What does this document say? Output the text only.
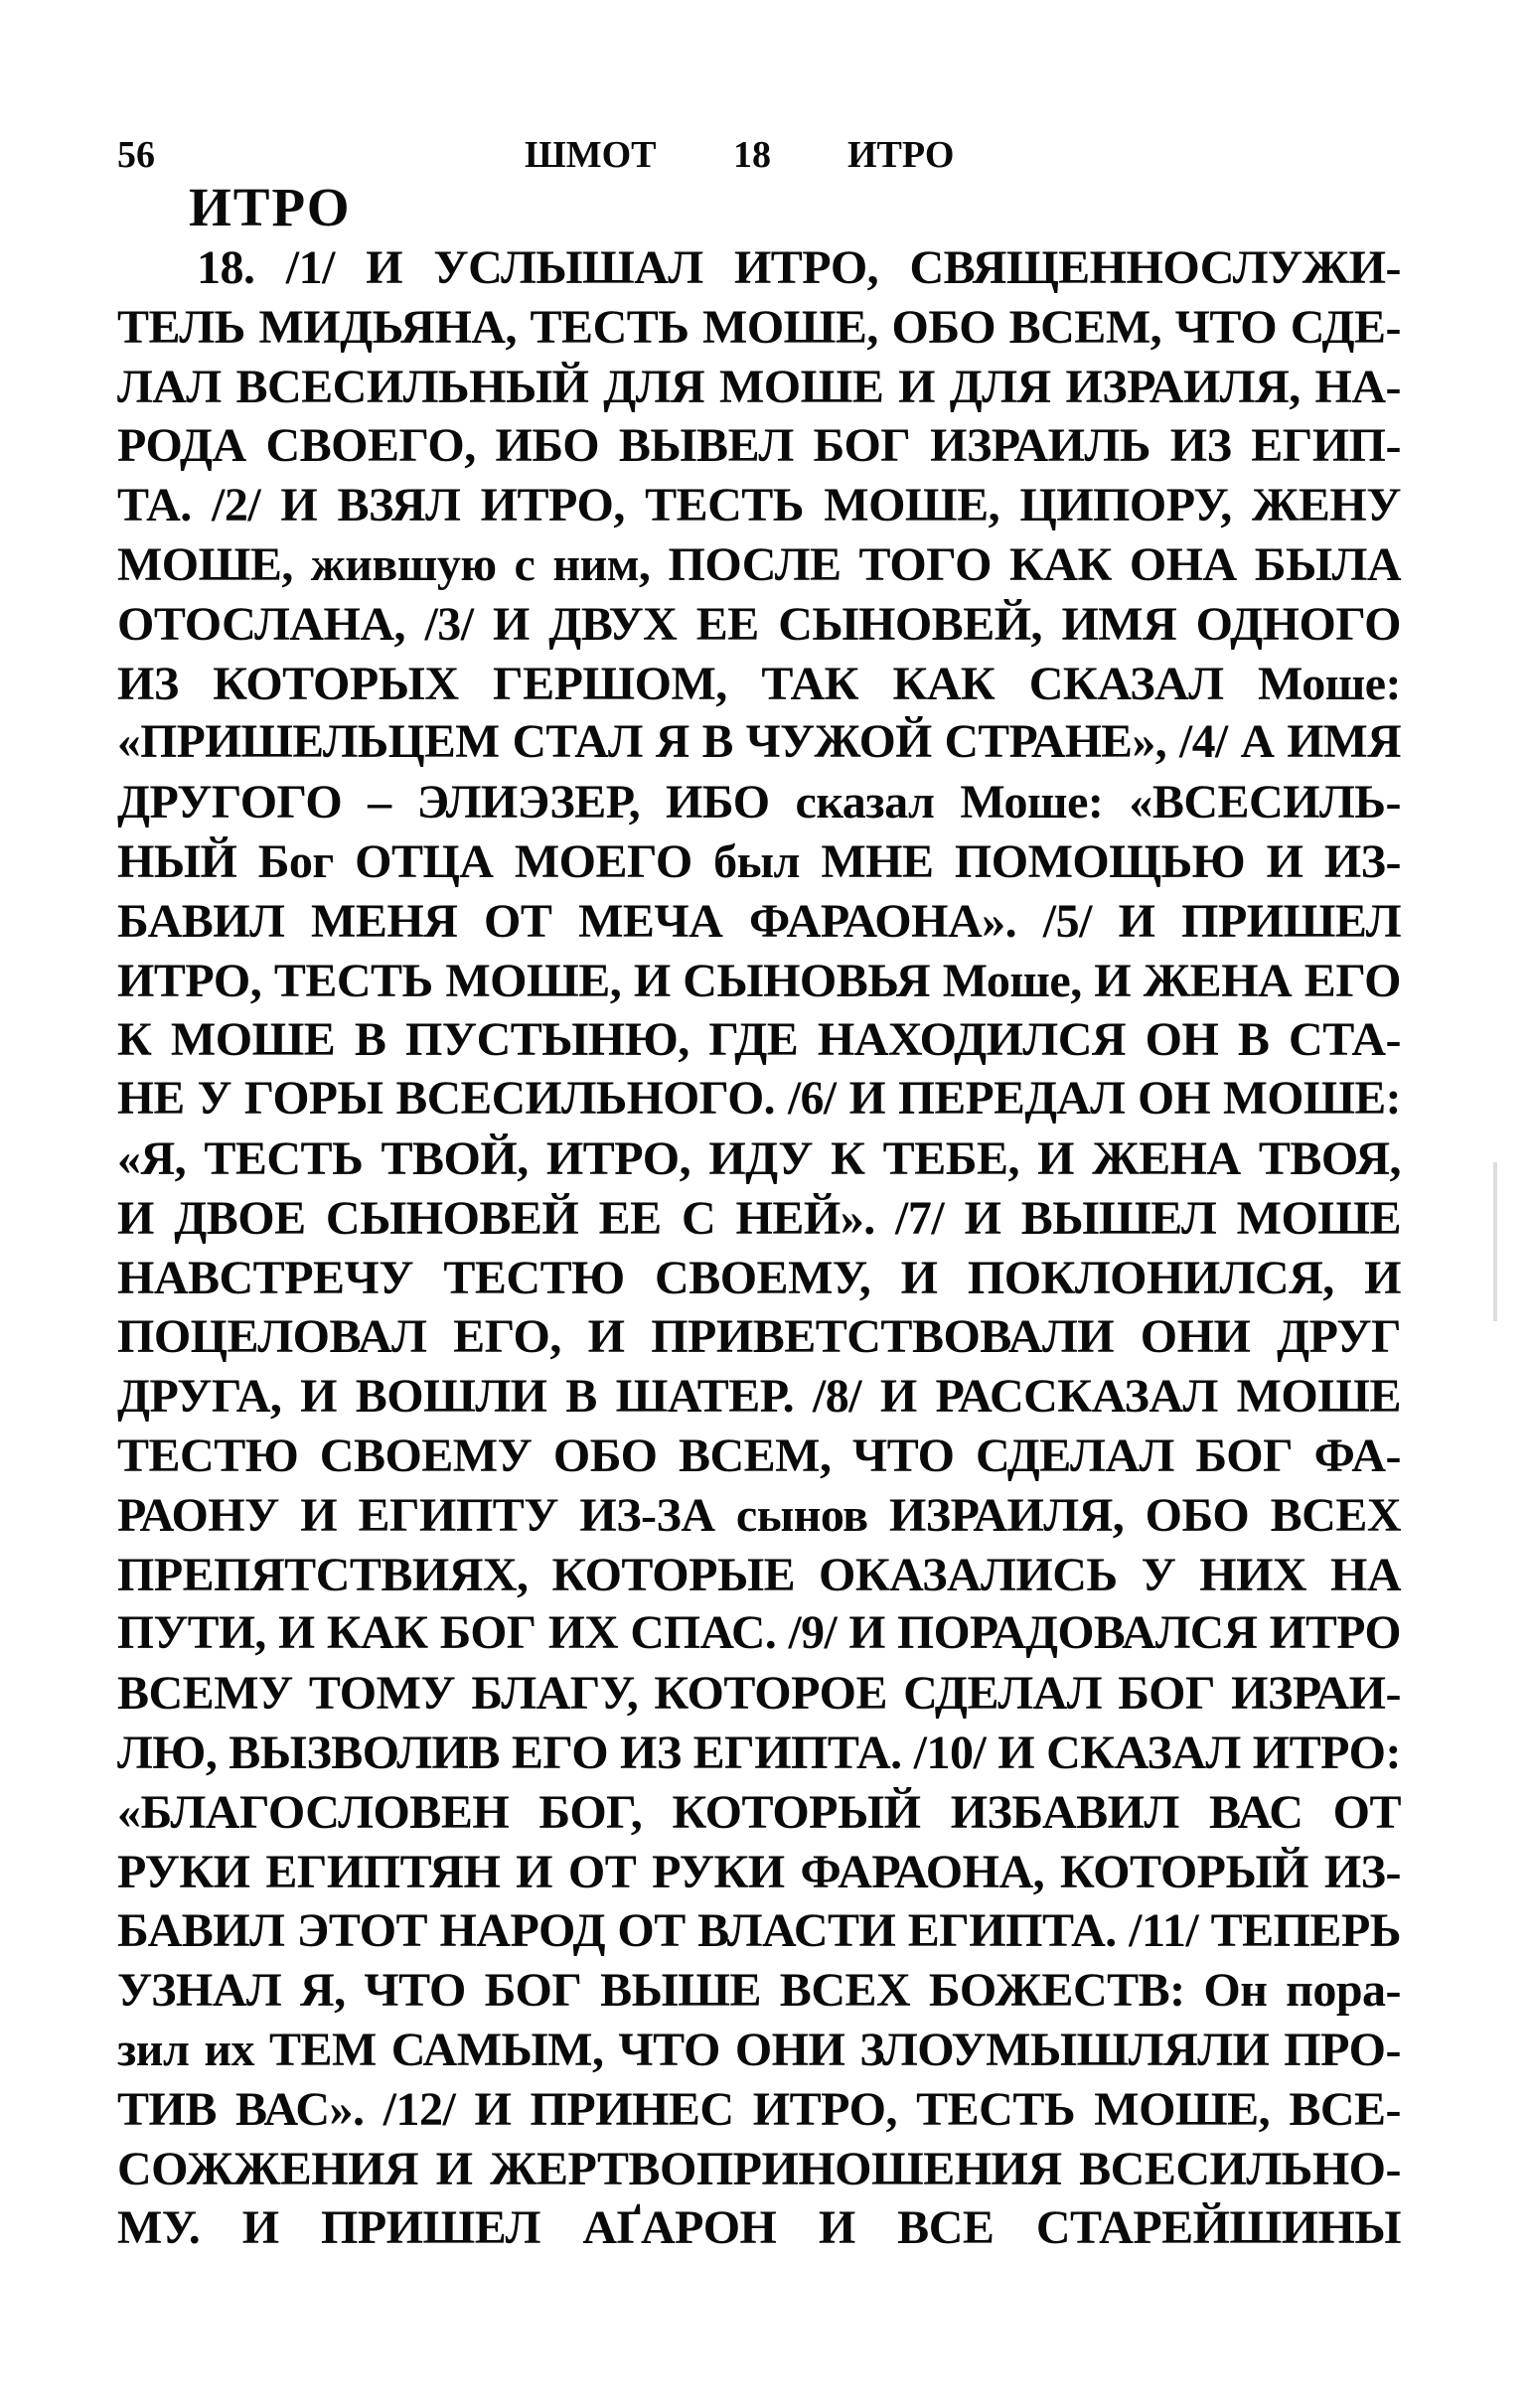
56	ШМОТ 18 ИТРО
ИТРО
18. /1/ И УСЛЫШАЛ ИТРО, СВЯЩЕННОСЛУЖИ-
ТЕЛЬ МИДЬЯНА, ТЕСТЬ МОШЕ, ОБО ВСЕМ, ЧТО СДЕ-
ЛАЛ ВСЕСИЛЬНЫЙ ДЛЯ МОШЕ И ДЛЯ ИЗРАИЛЯ, НА-
РОДА СВОЕГО, ИБО ВЫВЕЛ БОГ ИЗРАИЛЬ ИЗ ЕГИП-
ТА. /2/ И ВЗЯЛ ИТРО, ТЕСТЬ МОШЕ, ЦИПОРУ, ЖЕНУ
МОШЕ, жившую с ним, ПОСЛЕ ТОГО КАК ОНА БЫЛА
ОТОСЛАНА, /3/ И ДВУХ ЕЕ СЫНОВЕЙ, ИМЯ ОДНОГО
ИЗ КОТОРЫХ ГЕРШОМ, ТАК КАК СКАЗАЛ Моше:
«ПРИШЕЛЬЦЕМ СТАЛ Я В ЧУЖОЙ СТРАНЕ», /4/ А ИМЯ
ДРУГОГО – ЭЛИЭЗЕР, ИБО сказал Моше: «ВСЕСИЛЬ-
НЫЙ Бог ОТЦА МОЕГО был МНЕ ПОМОЩЬЮ И ИЗ-
БАВИЛ МЕНЯ ОТ МЕЧА ФАРАОНА». /5/ И ПРИШЕЛ
ИТРО, ТЕСТЬ МОШЕ, И СЫНОВЬЯ Моше, И ЖЕНА ЕГО
К МОШЕ В ПУСТЫНЮ, ГДЕ НАХОДИЛСЯ ОН В СТА-
НЕ У ГОРЫ ВСЕСИЛЬНОГО. /6/ И ПЕРЕДАЛ ОН МОШЕ:
«Я, ТЕСТЬ ТВОЙ, ИТРО, ИДУ К ТЕБЕ, И ЖЕНА ТВОЯ,
И ДВОЕ СЫНОВЕЙ ЕЕ С НЕЙ». /7/ И ВЫШЕЛ МОШЕ
НАВСТРЕЧУ ТЕСТЮ СВОЕМУ, И ПОКЛОНИЛСЯ, И
ПОЦЕЛОВАЛ ЕГО, И ПРИВЕТСТВОВАЛИ ОНИ ДРУГ
ДРУГА, И ВОШЛИ В ШАТЕР. /8/ И РАССКАЗАЛ МОШЕ
ТЕСТЮ СВОЕМУ ОБО ВСЕМ, ЧТО СДЕЛАЛ БОГ ФА-
РАОНУ И ЕГИПТУ ИЗ-ЗА сынов ИЗРАИЛЯ, ОБО ВСЕХ
ПРЕПЯТСТВИЯХ, КОТОРЫЕ ОКАЗАЛИСЬ У НИХ НА
ПУТИ, И КАК БОГ ИХ СПАС. /9/ И ПОРАДОВАЛСЯ ИТРО
ВСЕМУ ТОМУ БЛАГУ, КОТОРОЕ СДЕЛАЛ БОГ ИЗРАИ-
ЛЮ, ВЫЗВОЛИВ ЕГО ИЗ ЕГИПТА. /10/ И СКАЗАЛ ИТРО:
«БЛАГОСЛОВЕН БОГ, КОТОРЫЙ ИЗБАВИЛ ВАС ОТ
РУКИ ЕГИПТЯН И ОТ РУКИ ФАРАОНА, КОТОРЫЙ ИЗ-
БАВИЛ ЭТОТ НАРОД ОТ ВЛАСТИ ЕГИПТА. /11/ ТЕПЕРЬ
УЗНАЛ Я, ЧТО БОГ ВЫШЕ ВСЕХ БОЖЕСТВ: Он пора-
зил их ТЕМ САМЫМ, ЧТО ОНИ ЗЛОУМЫШЛЯЛИ ПРО-
ТИВ ВАС». /12/ И ПРИНЕС ИТРО, ТЕСТЬ МОШЕ, ВСЕ-
СОЖЖЕНИЯ И ЖЕРТВОПРИНОШЕНИЯ ВСЕСИЛЬНО-
МУ. И ПРИШЕЛ АҐАРОН И ВСЕ СТАРЕЙШИНЫ
